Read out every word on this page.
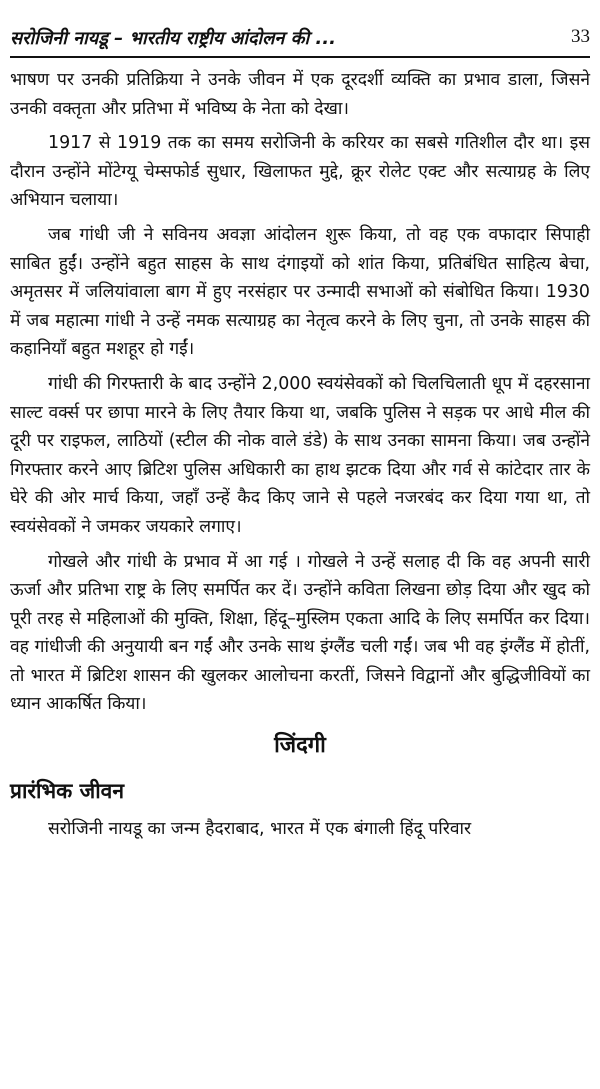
सरोजिनी नायडू – भारतीय राष्ट्रीय आंदोलन की ...	33

भाषण पर उनकी प्रतिक्रिया ने उनके जीवन में एक दूरदर्शी व्यक्ति का प्रभाव डाला, जिसने उनकी वक्तृता और प्रतिभा में भविष्य के नेता को देखा।

1917 से 1919 तक का समय सरोजिनी के करियर का सबसे गतिशील दौर था। इस दौरान उन्होंने मोंटेग्यू चेम्सफोर्ड सुधार, खिलाफत मुद्दे, क्रूर रोलेट एक्ट और सत्याग्रह के लिए अभियान चलाया।

जब गांधी जी ने सविनय अवज्ञा आंदोलन शुरू किया, तो वह एक वफादार सिपाही साबित हुईं। उन्होंने बहुत साहस के साथ दंगाइयों को शांत किया, प्रतिबंधित साहित्य बेचा, अमृतसर में जलियांवाला बाग में हुए नरसंहार पर उन्मादी सभाओं को संबोधित किया। 1930 में जब महात्मा गांधी ने उन्हें नमक सत्याग्रह का नेतृत्व करने के लिए चुना, तो उनके साहस की कहानियाँ बहुत मशहूर हो गईं।

गांधी की गिरफ्तारी के बाद उन्होंने 2,000 स्वयंसेवकों को चिलचिलाती धूप में दहरसाना साल्ट वर्क्स पर छापा मारने के लिए तैयार किया था, जबकि पुलिस ने सड़क पर आधे मील की दूरी पर राइफल, लाठियों (स्टील की नोक वाले डंडे) के साथ उनका सामना किया। जब उन्होंने गिरफ्तार करने आए ब्रिटिश पुलिस अधिकारी का हाथ झटक दिया और गर्व से कांटेदार तार के घेरे की ओर मार्च किया, जहाँ उन्हें कैद किए जाने से पहले नजरबंद कर दिया गया था, तो स्वयंसेवकों ने जमकर जयकारे लगाए।

गोखले और गांधी के प्रभाव में आ गई । गोखले ने उन्हें सलाह दी कि वह अपनी सारी ऊर्जा और प्रतिभा राष्ट्र के लिए समर्पित कर दें। उन्होंने कविता लिखना छोड़ दिया और खुद को पूरी तरह से महिलाओं की मुक्ति, शिक्षा, हिंदू–मुस्लिम एकता आदि के लिए समर्पित कर दिया। वह गांधीजी की अनुयायी बन गईं और उनके साथ इंग्लैंड चली गईं। जब भी वह इंग्लैंड में होतीं, तो भारत में ब्रिटिश शासन की खुलकर आलोचना करतीं, जिसने विद्वानों और बुद्धिजीवियों का ध्यान आकर्षित किया।

जिंदगी
प्रारंभिक जीवन

सरोजिनी नायडू का जन्म हैदराबाद, भारत में एक बंगाली हिंदू परिवार
